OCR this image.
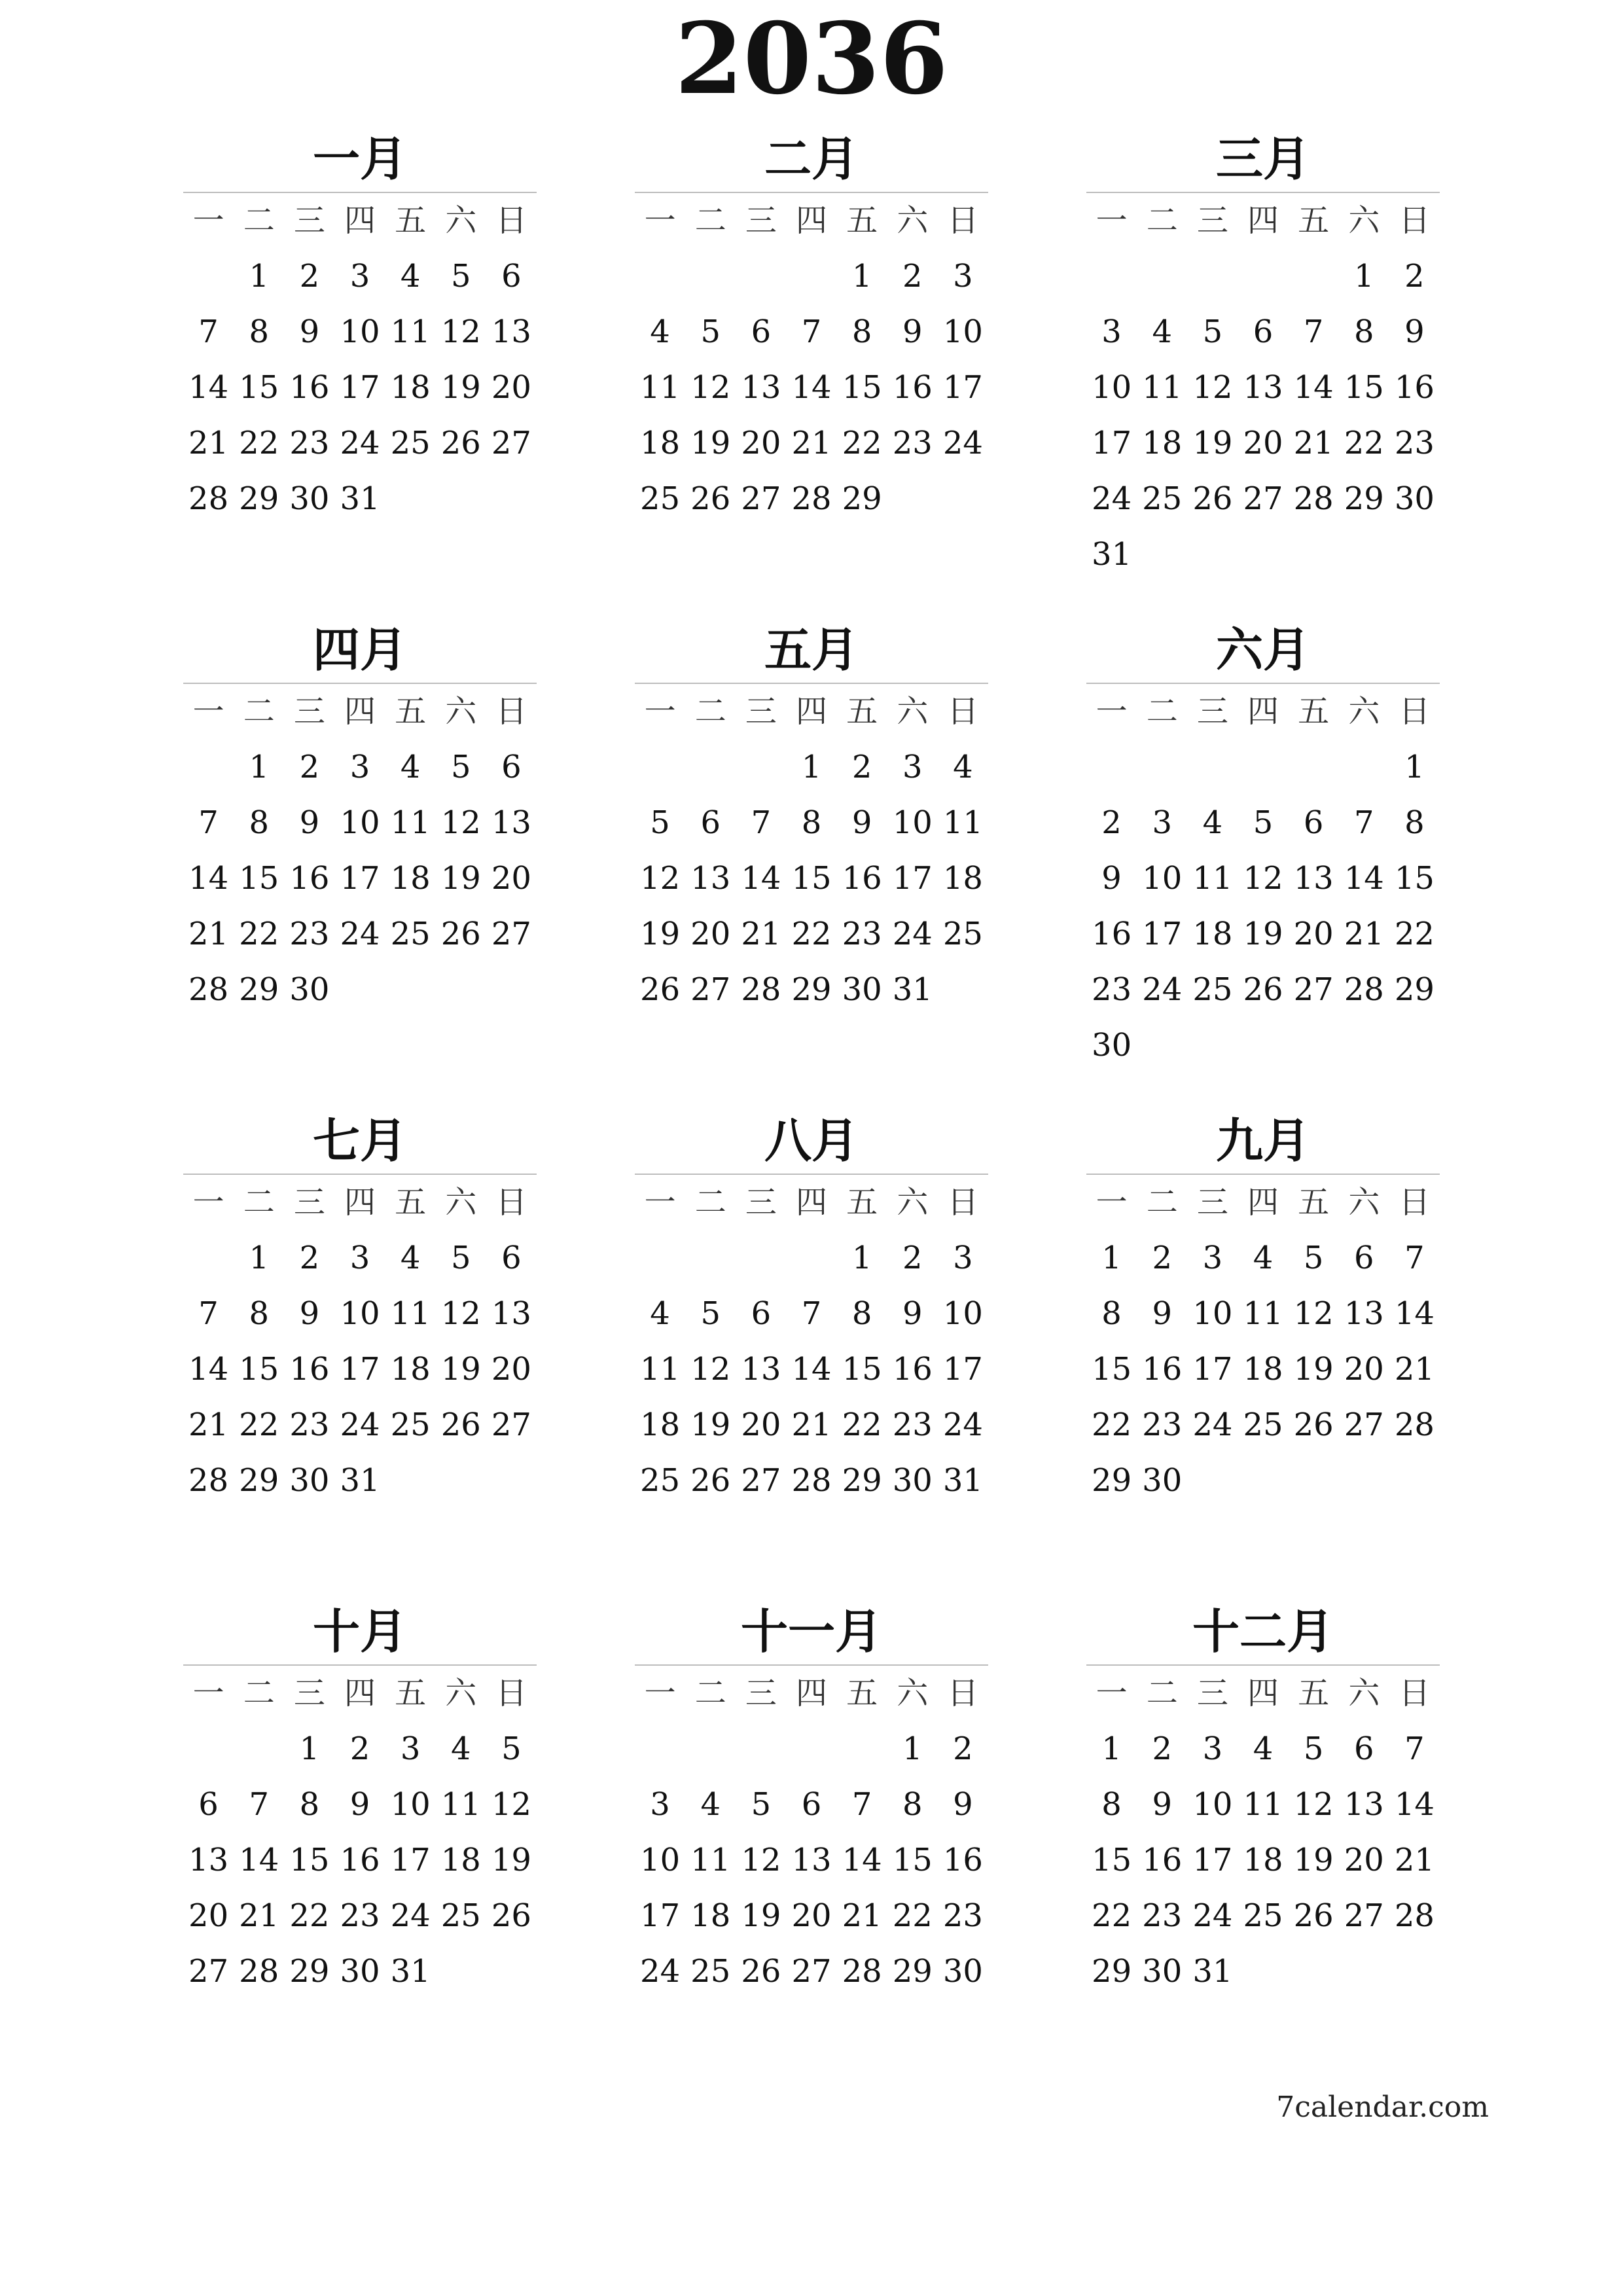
2036
一月
一 二 三 四 五 六 日
1 2 3 4 5 6
7 8 9 10 11 12 13
14 15 16 17 18 19 20
21 22 23 24 25 26 27
28 29 30 31
二月
一 二 三 四 五 六 日
1 2 3
4 5 6 7 8 9 10
11 12 13 14 15 16 17
18 19 20 21 22 23 24
25 26 27 28 29
三月
一 二 三 四 五 六 日
1 2
3 4 5 6 7 8 9
10 11 12 13 14 15 16
17 18 19 20 21 22 23
24 25 26 27 28 29 30
31
四月
一 二 三 四 五 六 日
1 2 3 4 5 6
7 8 9 10 11 12 13
14 15 16 17 18 19 20
21 22 23 24 25 26 27
28 29 30
五月
一 二 三 四 五 六 日
1 2 3 4
5 6 7 8 9 10 11
12 13 14 15 16 17 18
19 20 21 22 23 24 25
26 27 28 29 30 31
六月
一 二 三 四 五 六 日
1
2 3 4 5 6 7 8
9 10 11 12 13 14 15
16 17 18 19 20 21 22
23 24 25 26 27 28 29
30
七月
一 二 三 四 五 六 日
1 2 3 4 5 6
7 8 9 10 11 12 13
14 15 16 17 18 19 20
21 22 23 24 25 26 27
28 29 30 31
八月
一 二 三 四 五 六 日
1 2 3
4 5 6 7 8 9 10
11 12 13 14 15 16 17
18 19 20 21 22 23 24
25 26 27 28 29 30 31
九月
一 二 三 四 五 六 日
1 2 3 4 5 6 7
8 9 10 11 12 13 14
15 16 17 18 19 20 21
22 23 24 25 26 27 28
29 30
十月
一 二 三 四 五 六 日
1 2 3 4 5
6 7 8 9 10 11 12
13 14 15 16 17 18 19
20 21 22 23 24 25 26
27 28 29 30 31
十一月
一 二 三 四 五 六 日
1 2
3 4 5 6 7 8 9
10 11 12 13 14 15 16
17 18 19 20 21 22 23
24 25 26 27 28 29 30
十二月
一 二 三 四 五 六 日
1 2 3 4 5 6 7
8 9 10 11 12 13 14
15 16 17 18 19 20 21
22 23 24 25 26 27 28
29 30 31
7calendar.com
